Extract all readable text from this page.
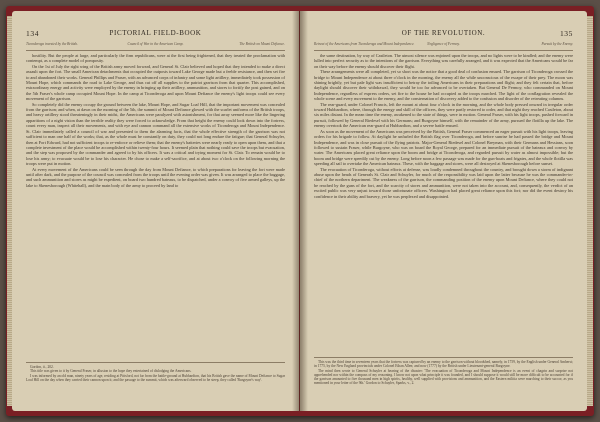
134	PICTORIAL FIELD-BOOK
Ticonderoga invested by the British.	Council of War in the American Camp.	The British on Mount Defiance.

hostility. But the people at large, and particularly the firm republicans, were at the first being frightened, that they treated the proclamation with contempt, as a complete model of pomposity.

On the 1st of July the right wing of the British army moved forward, and General St. Clair believed and hoped that they intended to make a direct assault upon the fort. The small American detachments that occupied the outposts toward Lake George made but a feeble resistance, and then set fire to and abandoned their works. General Phillips and Fraser, with an advanced corps of infantry and some light artillery, immediately took possession of Mount Hope, which commands the road to Lake George, and thus cut off all supplies to the patriot garrison from that quarter. This accomplished, extraordinary energy and activity were employed by the enemy in bringing up their artillery, ammunition, and stores to fortify the post gained, and on the 5th Fraser's whole camp occupied Mount Hope. In the camp at Ticonderoga and upon Mount Defiance the enemy's light troops could see every movement of the garrison.

So completely did the enemy occupy the ground between the lake, Mount Hope, and Sugar Loaf Hill, that the important movement was concealed from the garrison; and when, at dawn on the morning of the 5th, the summit of Mount Defiance glowed with the scarlet uniforms of the British troops, and heavy artillery stood threateningly in their midst, the Americans were paralyzed with astonishment, for that array seemed more like the lingering apparitions of a night vision than the terrible reality they were forced to acknowledge. From that height the enemy could look down into the fortress, count every man, inspect all their movements, and with eye and cannon command all the extensive works of Ticonderoga and Mount Independence. St. Clair immediately called a council of war and presented to them the alarming facts, that the whole effective strength of the garrison was not sufficient to man one half of the works; that, as the whole must be constantly on duty, they could not long endure the fatigue; that General Schuyler, then at Fort Edward, had not sufficient troops to re-enforce or relieve them; that the enemy's batteries were nearly ready to open upon them, and that a complete investment of the place would be accomplished within twenty-four hours. It seemed plain that nothing could save the troops but evacuation, and the step was proposed by the commander and agreed to by his officers. It was a critical and trying moment for St. Clair. To remain would be to lose his army; to evacuate would be to lose his character. He chose to make a self-sacrifice, and at about two o'clock on the following morning the troops were put in motion.

At every movement of the Americans could be seen through the day from Mount Defiance, to which preparations for leaving the fort were made until after dark, and the purpose of the council was concealed from the troops until the evening order was given. It was arranged to place the baggage, and such ammunition and stores as might be expedient, on board two hundred bateaux, to be dispatched, under a convoy of five armed galleys, up the lake to Skenesborough (Whitehall), and the main body of the army to proceed by land to

Gordon, ii., 202.

This title was given to it by General Fraser, in allusion to the hope they entertained of dislodging the Americans.

I was informed by an old man, ninety years of age, residing at Pittsford, not far from the battle-ground at Hubbardton, that his British gave the name of Mount Defiance to Sugar Loaf Hill on the day when they carried their cannon upon it; and the passage to the summit, which was afterward observed to be steep, they called 'Burgoyne's way'.

OF THE REVOLUTION.	135
Retreat of the Americans from Ticonderoga and Mount Independence.	Negligence of Fermoy.	Pursuit by the Enemy.

the same destination, by way of Castleton. The utmost silence was enjoined upon the troops, and no lights were to be kindled; and the enemy were lulled into perfect security as to the intentions of the garrison. Everything was carefully arranged, and it was expected that the Americans would be far on their way before the enemy should discover their flight.

These arrangements were all completed, yet so short was the notice that a good deal of confusion ensued. The garrison of Ticonderoga crossed the bridge to Mount Independence at about three o'clock in the morning, the enemy all the while unconscious of the escape of their prey. The moon was shining brightly, yet but pale light was insufficient to betray the toiling Americans in their preparations and flight; and they felt certain that, before daylight should discover their withdrawal, they would be too far advanced to be overtaken. But General De Fermoy, who commanded on Mount Independence, regardless of express orders, set fire to the house he had occupied as the troops marched. The light of the conflagration revealed the whole scene and every movement to the enemy, and the consternation of discovery added to the confusion and disorder of the retreating columns.

The rear-guard, under Colonel Francis, left the mount at about four o'clock in the morning, and the whole body pressed onward in irregular order toward Hubbardton, where, through the energy and skill of the officers, they were partly restored to order, and that night they reached Castleton, about six miles distant. In the mean time the enemy, awakened to the state of things, were in motion. General Fraser, with his light troops, pushed forward in pursuit, followed by General Riedesel with his Germans; and Burgoyne himself, with the remainder of the army, pursued the flotilla up the lake. The enemy overtook the American rear-guard at Hubbardton, and a severe battle ensued.

As soon as the movement of the Americans was perceived by the British, General Fraser commenced an eager pursuit with his light troops, leaving orders for his brigade to follow. At daylight he unfurled the British flag over Ticonderoga, and before sunrise he had passed the bridge and Mount Independence, and was in close pursuit of the flying patriots. Major-General Riedesel and Colonel Breyman, with their Germans and Hessians, soon followed to sustain Fraser, while Burgoyne, who was on board the Royal George, prepared for an immediate pursuit of the bateaux and convoy by water. The Americans placed great reliance upon the boom and bridge at Ticonderoga, and regarded pursuit by water as almost impossible; but the boom and bridge were speedily cut by the enemy. Long before noon a few passage was made for the gun-boats and frigates, and the whole flotilla was speeding all sail to overtake the American bateaux. These, with the baggage and stores, were all destroyed at Skenesborough before sunset.

The evacuation of Ticonderoga, without efforts at defense, was loudly condemned throughout the country, and brought down a storm of indignant abuse upon the heads of Generals St. Clair and Schuyler, for much of the responsibility was laid upon the latter because he was the commander-in-chief of the northern department. The weakness of the garrison, the commanding position of the enemy upon Mount Defiance, where they could not be reached by the guns of the fort, and the scarcity of stores and ammunition, were not taken into the account, and, consequently, the verdict of an excited public was very unjust toward those unfortunate officers. Washington had placed great reliance upon this fort; nor did the event destroy his confidence in their ability and bravery, yet he was perplexed and disappointed.

This was the third time in seventeen years that the fortress was captured by an enemy to the garrison without bloodshed, namely, in 1759, by the English under General Amherst; in 1775, by the New England provincials under Colonel Ethan Allen; and now (1777) by the British under Lieutenant-general Burgoyne.

The mind then wrote to General Schuyler at hearing of the disaster: 'The evacuation of Ticonderoga and Mount Independence is an event of chagrin and surprise not apprehended nor within the compass of my reasoning. I know not upon what principle it was founded, and I should suppose it would still be more difficult to be accounted for if the garrison amounted to five thousand men in high spirits, healthy, well supplied with provisions and ammunition, and the Eastern militia were marching to their succor, as you mentioned in your letter of the 9th.' Gordon to Schuyler, Sparks, v., 2.
